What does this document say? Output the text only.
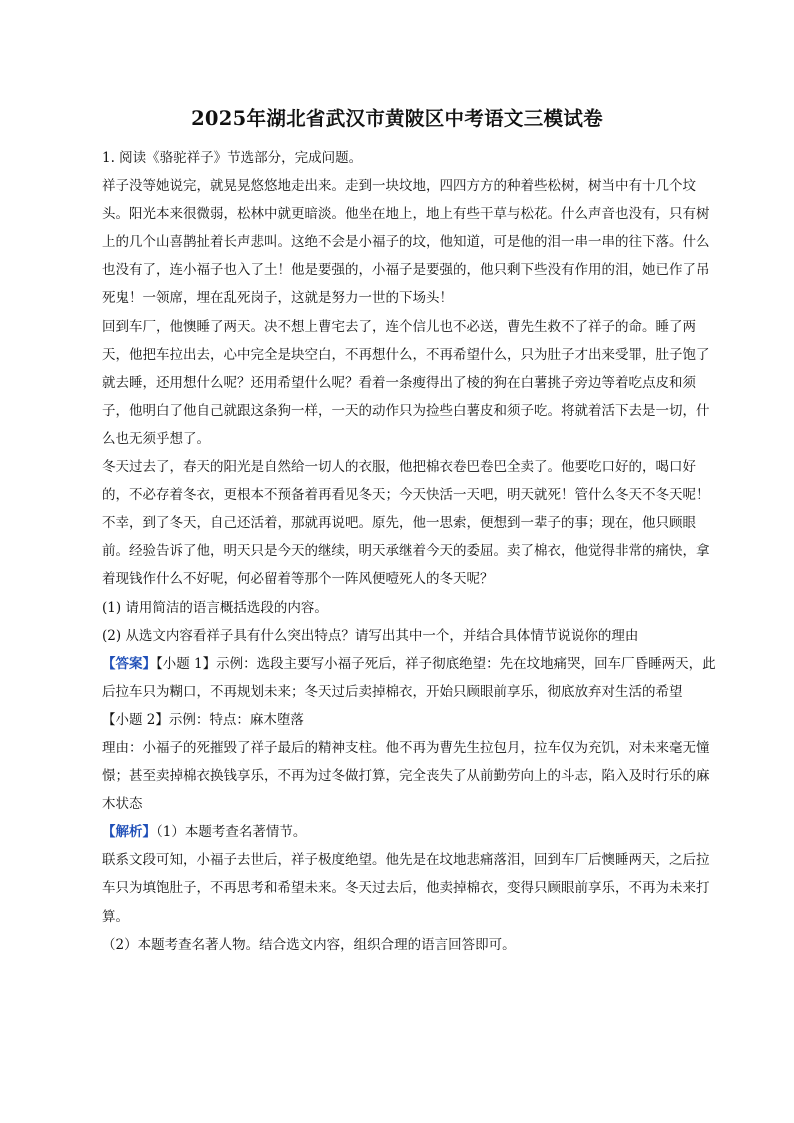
2025年湖北省武汉市黄陂区中考语文三模试卷

1. 阅读《骆驼祥子》节选部分，完成问题。

祥子没等她说完，就晃晃悠悠地走出来。走到一块坟地，四四方方的种着些松树，树当中有十几个坟头。阳光本来很微弱，松林中就更暗淡。他坐在地上，地上有些干草与松花。什么声音也没有，只有树上的几个山喜鹊扯着长声悲叫。这绝不会是小福子的坟，他知道，可是他的泪一串一串的往下落。什么也没有了，连小福子也入了土！他是要强的，小福子是要强的，他只剩下些没有作用的泪，她已作了吊死鬼！一领席，埋在乱死岗子，这就是努力一世的下场头！

回到车厂，他懊睡了两天。决不想上曹宅去了，连个信儿也不必送，曹先生救不了祥子的命。睡了两天，他把车拉出去，心中完全是块空白，不再想什么，不再希望什么，只为肚子才出来受罪，肚子饱了就去睡，还用想什么呢？还用希望什么呢？看着一条瘦得出了棱的狗在白薯挑子旁边等着吃点皮和须子，他明白了他自己就跟这条狗一样，一天的动作只为捡些白薯皮和须子吃。将就着活下去是一切，什么也无须乎想了。

冬天过去了，春天的阳光是自然给一切人的衣服，他把棉衣卷巴卷巴全卖了。他要吃口好的，喝口好的，不必存着冬衣，更根本不预备着再看见冬天；今天快活一天吧，明天就死！管什么冬天不冬天呢！不幸，到了冬天，自己还活着，那就再说吧。原先，他一思索，便想到一辈子的事；现在，他只顾眼前。经验告诉了他，明天只是今天的继续，明天承继着今天的委屈。卖了棉衣，他觉得非常的痛快，拿着现钱作什么不好呢，何必留着等那个一阵风便噎死人的冬天呢？

(1) 请用简洁的语言概括选段的内容。

(2) 从选文内容看祥子具有什么突出特点？请写出其中一个，并结合具体情节说说你的理由

【答案】【小题 1】示例：选段主要写小福子死后，祥子彻底绝望：先在坟地痛哭，回车厂昏睡两天，此后拉车只为糊口，不再规划未来；冬天过后卖掉棉衣，开始只顾眼前享乐，彻底放弃对生活的希望

【小题 2】示例：特点：麻木堕落

理由：小福子的死摧毁了祥子最后的精神支柱。他不再为曹先生拉包月，拉车仅为充饥，对未来毫无憧憬；甚至卖掉棉衣换钱享乐，不再为过冬做打算，完全丧失了从前勤劳向上的斗志，陷入及时行乐的麻木状态

【解析】（1）本题考查名著情节。

联系文段可知，小福子去世后，祥子极度绝望。他先是在坟地悲痛落泪，回到车厂后懊睡两天，之后拉车只为填饱肚子，不再思考和希望未来。冬天过去后，他卖掉棉衣，变得只顾眼前享乐，不再为未来打算。

（2）本题考查名著人物。结合选文内容，组织合理的语言回答即可。
